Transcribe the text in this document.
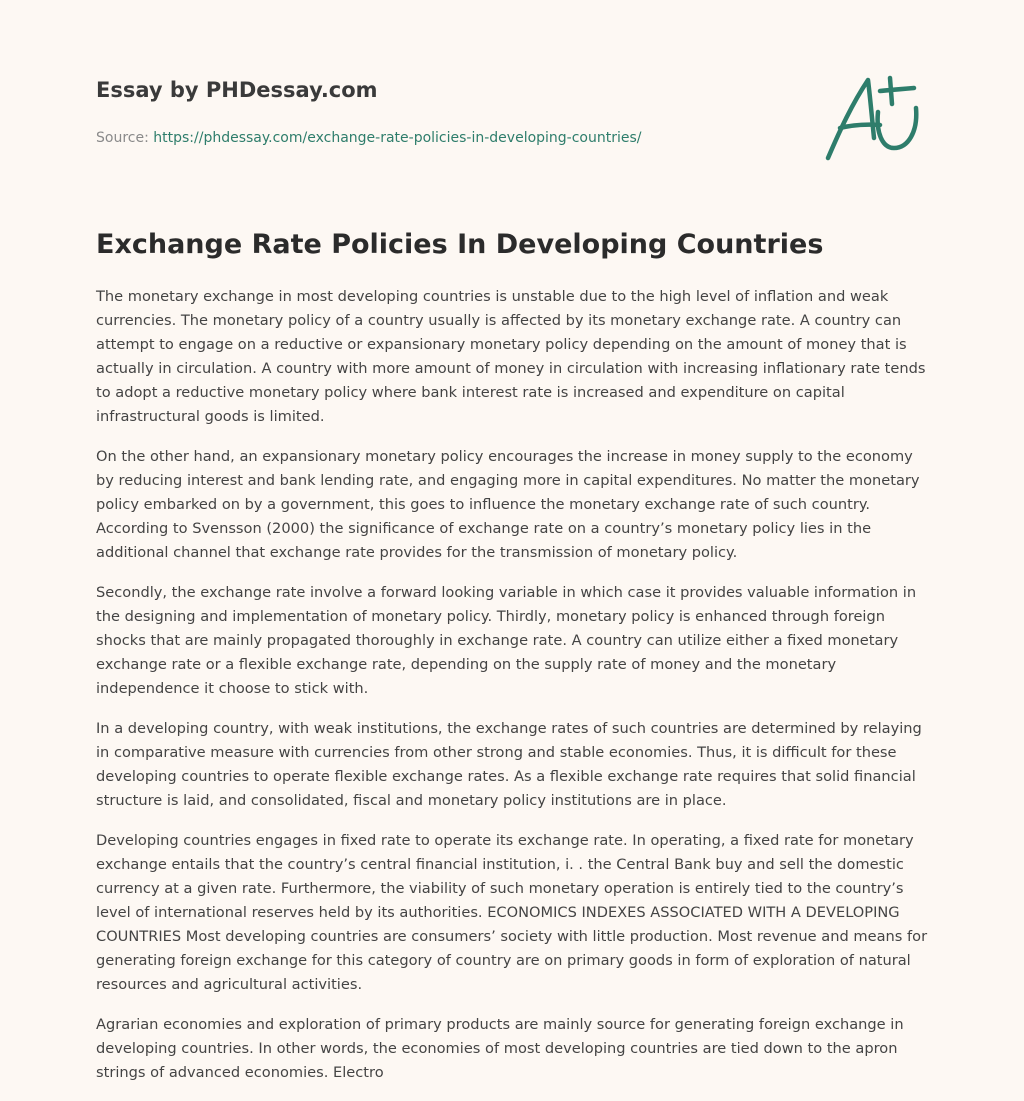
Essay by PHDessay.com
Source: https://phdessay.com/exchange-rate-policies-in-developing-countries/
Exchange Rate Policies In Developing Countries

The monetary exchange in most developing countries is unstable due to the high level of inflation and weak currencies. The monetary policy of a country usually is affected by its monetary exchange rate. A country can attempt to engage on a reductive or expansionary monetary policy depending on the amount of money that is actually in circulation. A country with more amount of money in circulation with increasing inflationary rate tends to adopt a reductive monetary policy where bank interest rate is increased and expenditure on capital infrastructural goods is limited.

On the other hand, an expansionary monetary policy encourages the increase in money supply to the economy by reducing interest and bank lending rate, and engaging more in capital expenditures. No matter the monetary policy embarked on by a government, this goes to influence the monetary exchange rate of such country. According to Svensson (2000) the significance of exchange rate on a country’s monetary policy lies in the additional channel that exchange rate provides for the transmission of monetary policy.

Secondly, the exchange rate involve a forward looking variable in which case it provides valuable information in the designing and implementation of monetary policy. Thirdly, monetary policy is enhanced through foreign shocks that are mainly propagated thoroughly in exchange rate. A country can utilize either a fixed monetary exchange rate or a flexible exchange rate, depending on the supply rate of money and the monetary independence it choose to stick with.

In a developing country, with weak institutions, the exchange rates of such countries are determined by relaying in comparative measure with currencies from other strong and stable economies. Thus, it is difficult for these developing countries to operate flexible exchange rates. As a flexible exchange rate requires that solid financial structure is laid, and consolidated, fiscal and monetary policy institutions are in place.

Developing countries engages in fixed rate to operate its exchange rate. In operating, a fixed rate for monetary exchange entails that the country’s central financial institution, i. . the Central Bank buy and sell the domestic currency at a given rate. Furthermore, the viability of such monetary operation is entirely tied to the country’s level of international reserves held by its authorities. ECONOMICS INDEXES ASSOCIATED WITH A DEVELOPING COUNTRIES Most developing countries are consumers’ society with little production. Most revenue and means for generating foreign exchange for this category of country are on primary goods in form of exploration of natural resources and agricultural activities.

Agrarian economies and exploration of primary products are mainly source for generating foreign exchange in developing countries. In other words, the economies of most developing countries are tied down to the apron strings of advanced economies. Electro
